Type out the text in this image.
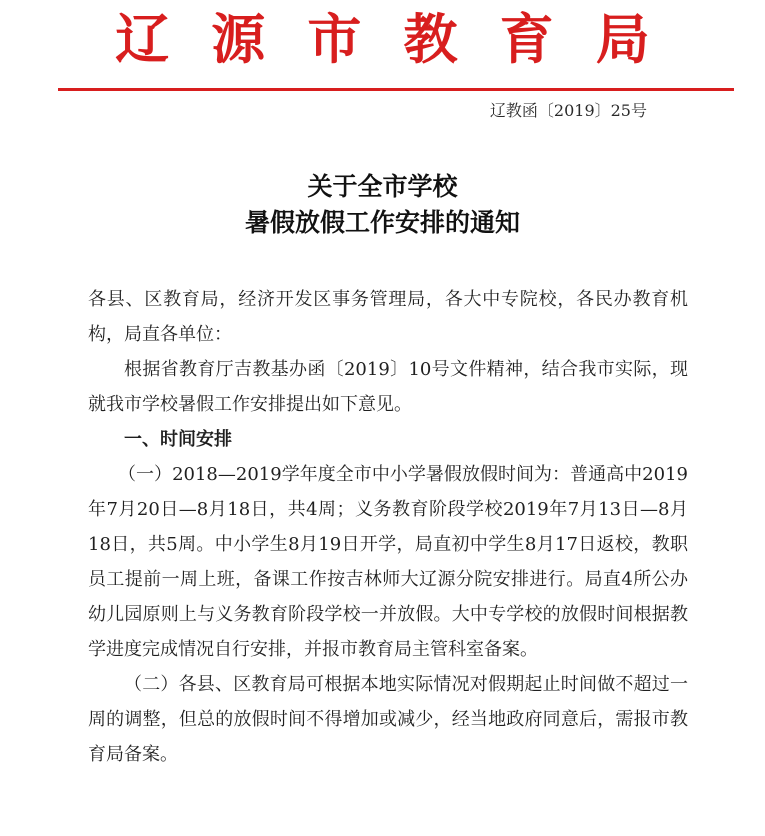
辽源市教育局
辽教函〔2019〕25号
关于全市学校
暑假放假工作安排的通知

各县、区教育局，经济开发区事务管理局，各大中专院校，各民办教育机构，局直各单位：

根据省教育厅吉教基办函〔2019〕10号文件精神，结合我市实际，现就我市学校暑假工作安排提出如下意见。

一、时间安排

（一）2018—2019学年度全市中小学暑假放假时间为：普通高中2019年7月20日—8月18日，共4周；义务教育阶段学校2019年7月13日—8月18日，共5周。中小学生8月19日开学，局直初中学生8月17日返校，教职员工提前一周上班，备课工作按吉林师大辽源分院安排进行。局直4所公办幼儿园原则上与义务教育阶段学校一并放假。大中专学校的放假时间根据教学进度完成情况自行安排，并报市教育局主管科室备案。

（二）各县、区教育局可根据本地实际情况对假期起止时间做不超过一周的调整，但总的放假时间不得增加或减少，经当地政府同意后，需报市教育局备案。
